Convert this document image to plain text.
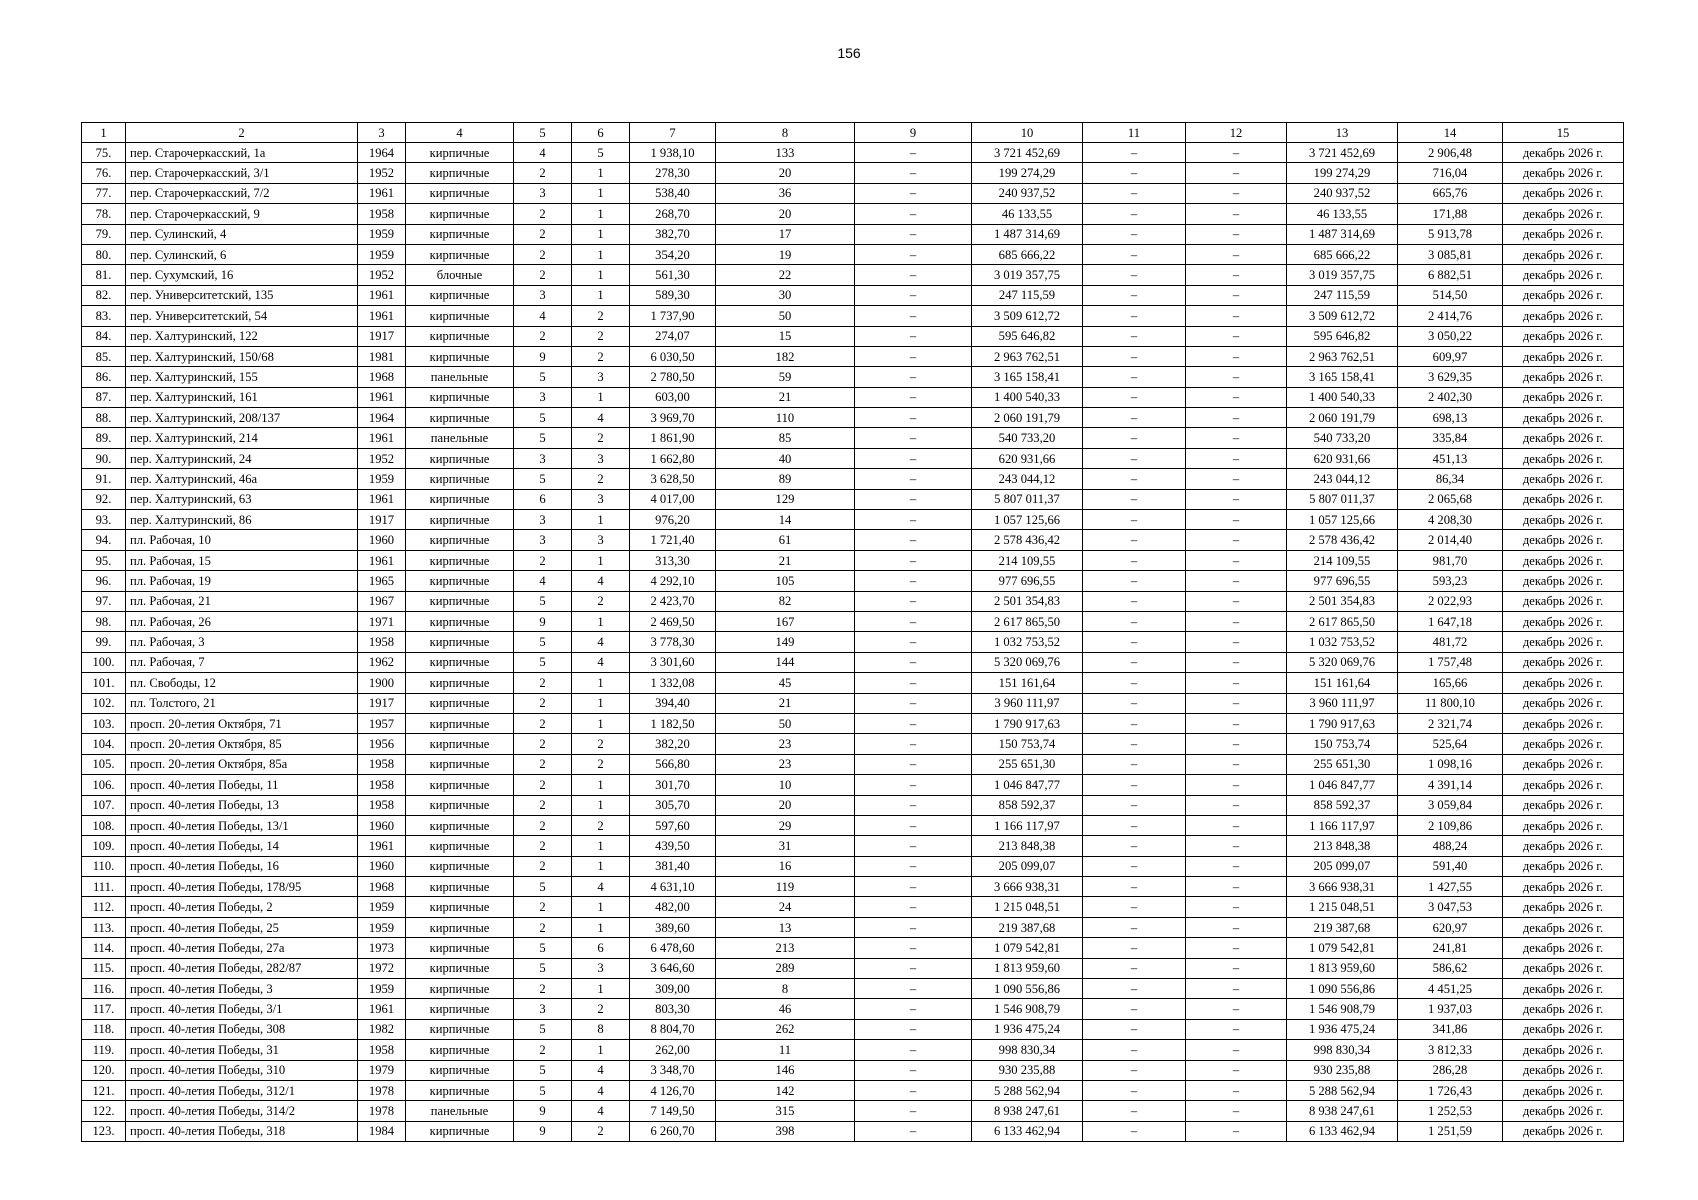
156
1	2	3	4	5	6	7	8	9	10	11	12	13	14	15
75.	пер. Старочеркасский, 1а	1964	кирпичные	4	5	1 938,10	133	–	3 721 452,69	–	–	3 721 452,69	2 906,48	декабрь 2026 г.
76.	пер. Старочеркасский, 3/1	1952	кирпичные	2	1	278,30	20	–	199 274,29	–	–	199 274,29	716,04	декабрь 2026 г.
77.	пер. Старочеркасский, 7/2	1961	кирпичные	3	1	538,40	36	–	240 937,52	–	–	240 937,52	665,76	декабрь 2026 г.
78.	пер. Старочеркасский, 9	1958	кирпичные	2	1	268,70	20	–	46 133,55	–	–	46 133,55	171,88	декабрь 2026 г.
79.	пер. Сулинский, 4	1959	кирпичные	2	1	382,70	17	–	1 487 314,69	–	–	1 487 314,69	5 913,78	декабрь 2026 г.
80.	пер. Сулинский, 6	1959	кирпичные	2	1	354,20	19	–	685 666,22	–	–	685 666,22	3 085,81	декабрь 2026 г.
81.	пер. Сухумский, 16	1952	блочные	2	1	561,30	22	–	3 019 357,75	–	–	3 019 357,75	6 882,51	декабрь 2026 г.
82.	пер. Университетский, 135	1961	кирпичные	3	1	589,30	30	–	247 115,59	–	–	247 115,59	514,50	декабрь 2026 г.
83.	пер. Университетский, 54	1961	кирпичные	4	2	1 737,90	50	–	3 509 612,72	–	–	3 509 612,72	2 414,76	декабрь 2026 г.
84.	пер. Халтуринский, 122	1917	кирпичные	2	2	274,07	15	–	595 646,82	–	–	595 646,82	3 050,22	декабрь 2026 г.
85.	пер. Халтуринский, 150/68	1981	кирпичные	9	2	6 030,50	182	–	2 963 762,51	–	–	2 963 762,51	609,97	декабрь 2026 г.
86.	пер. Халтуринский, 155	1968	панельные	5	3	2 780,50	59	–	3 165 158,41	–	–	3 165 158,41	3 629,35	декабрь 2026 г.
87.	пер. Халтуринский, 161	1961	кирпичные	3	1	603,00	21	–	1 400 540,33	–	–	1 400 540,33	2 402,30	декабрь 2026 г.
88.	пер. Халтуринский, 208/137	1964	кирпичные	5	4	3 969,70	110	–	2 060 191,79	–	–	2 060 191,79	698,13	декабрь 2026 г.
89.	пер. Халтуринский, 214	1961	панельные	5	2	1 861,90	85	–	540 733,20	–	–	540 733,20	335,84	декабрь 2026 г.
90.	пер. Халтуринский, 24	1952	кирпичные	3	3	1 662,80	40	–	620 931,66	–	–	620 931,66	451,13	декабрь 2026 г.
91.	пер. Халтуринский, 46а	1959	кирпичные	5	2	3 628,50	89	–	243 044,12	–	–	243 044,12	86,34	декабрь 2026 г.
92.	пер. Халтуринский, 63	1961	кирпичные	6	3	4 017,00	129	–	5 807 011,37	–	–	5 807 011,37	2 065,68	декабрь 2026 г.
93.	пер. Халтуринский, 86	1917	кирпичные	3	1	976,20	14	–	1 057 125,66	–	–	1 057 125,66	4 208,30	декабрь 2026 г.
94.	пл. Рабочая, 10	1960	кирпичные	3	3	1 721,40	61	–	2 578 436,42	–	–	2 578 436,42	2 014,40	декабрь 2026 г.
95.	пл. Рабочая, 15	1961	кирпичные	2	1	313,30	21	–	214 109,55	–	–	214 109,55	981,70	декабрь 2026 г.
96.	пл. Рабочая, 19	1965	кирпичные	4	4	4 292,10	105	–	977 696,55	–	–	977 696,55	593,23	декабрь 2026 г.
97.	пл. Рабочая, 21	1967	кирпичные	5	2	2 423,70	82	–	2 501 354,83	–	–	2 501 354,83	2 022,93	декабрь 2026 г.
98.	пл. Рабочая, 26	1971	кирпичные	9	1	2 469,50	167	–	2 617 865,50	–	–	2 617 865,50	1 647,18	декабрь 2026 г.
99.	пл. Рабочая, 3	1958	кирпичные	5	4	3 778,30	149	–	1 032 753,52	–	–	1 032 753,52	481,72	декабрь 2026 г.
100.	пл. Рабочая, 7	1962	кирпичные	5	4	3 301,60	144	–	5 320 069,76	–	–	5 320 069,76	1 757,48	декабрь 2026 г.
101.	пл. Свободы, 12	1900	кирпичные	2	1	1 332,08	45	–	151 161,64	–	–	151 161,64	165,66	декабрь 2026 г.
102.	пл. Толстого, 21	1917	кирпичные	2	1	394,40	21	–	3 960 111,97	–	–	3 960 111,97	11 800,10	декабрь 2026 г.
103.	просп. 20-летия Октября, 71	1957	кирпичные	2	1	1 182,50	50	–	1 790 917,63	–	–	1 790 917,63	2 321,74	декабрь 2026 г.
104.	просп. 20-летия Октября, 85	1956	кирпичные	2	2	382,20	23	–	150 753,74	–	–	150 753,74	525,64	декабрь 2026 г.
105.	просп. 20-летия Октября, 85а	1958	кирпичные	2	2	566,80	23	–	255 651,30	–	–	255 651,30	1 098,16	декабрь 2026 г.
106.	просп. 40-летия Победы, 11	1958	кирпичные	2	1	301,70	10	–	1 046 847,77	–	–	1 046 847,77	4 391,14	декабрь 2026 г.
107.	просп. 40-летия Победы, 13	1958	кирпичные	2	1	305,70	20	–	858 592,37	–	–	858 592,37	3 059,84	декабрь 2026 г.
108.	просп. 40-летия Победы, 13/1	1960	кирпичные	2	2	597,60	29	–	1 166 117,97	–	–	1 166 117,97	2 109,86	декабрь 2026 г.
109.	просп. 40-летия Победы, 14	1961	кирпичные	2	1	439,50	31	–	213 848,38	–	–	213 848,38	488,24	декабрь 2026 г.
110.	просп. 40-летия Победы, 16	1960	кирпичные	2	1	381,40	16	–	205 099,07	–	–	205 099,07	591,40	декабрь 2026 г.
111.	просп. 40-летия Победы, 178/95	1968	кирпичные	5	4	4 631,10	119	–	3 666 938,31	–	–	3 666 938,31	1 427,55	декабрь 2026 г.
112.	просп. 40-летия Победы, 2	1959	кирпичные	2	1	482,00	24	–	1 215 048,51	–	–	1 215 048,51	3 047,53	декабрь 2026 г.
113.	просп. 40-летия Победы, 25	1959	кирпичные	2	1	389,60	13	–	219 387,68	–	–	219 387,68	620,97	декабрь 2026 г.
114.	просп. 40-летия Победы, 27а	1973	кирпичные	5	6	6 478,60	213	–	1 079 542,81	–	–	1 079 542,81	241,81	декабрь 2026 г.
115.	просп. 40-летия Победы, 282/87	1972	кирпичные	5	3	3 646,60	289	–	1 813 959,60	–	–	1 813 959,60	586,62	декабрь 2026 г.
116.	просп. 40-летия Победы, 3	1959	кирпичные	2	1	309,00	8	–	1 090 556,86	–	–	1 090 556,86	4 451,25	декабрь 2026 г.
117.	просп. 40-летия Победы, 3/1	1961	кирпичные	3	2	803,30	46	–	1 546 908,79	–	–	1 546 908,79	1 937,03	декабрь 2026 г.
118.	просп. 40-летия Победы, 308	1982	кирпичные	5	8	8 804,70	262	–	1 936 475,24	–	–	1 936 475,24	341,86	декабрь 2026 г.
119.	просп. 40-летия Победы, 31	1958	кирпичные	2	1	262,00	11	–	998 830,34	–	–	998 830,34	3 812,33	декабрь 2026 г.
120.	просп. 40-летия Победы, 310	1979	кирпичные	5	4	3 348,70	146	–	930 235,88	–	–	930 235,88	286,28	декабрь 2026 г.
121.	просп. 40-летия Победы, 312/1	1978	кирпичные	5	4	4 126,70	142	–	5 288 562,94	–	–	5 288 562,94	1 726,43	декабрь 2026 г.
122.	просп. 40-летия Победы, 314/2	1978	панельные	9	4	7 149,50	315	–	8 938 247,61	–	–	8 938 247,61	1 252,53	декабрь 2026 г.
123.	просп. 40-летия Победы, 318	1984	кирпичные	9	2	6 260,70	398	–	6 133 462,94	–	–	6 133 462,94	1 251,59	декабрь 2026 г.
